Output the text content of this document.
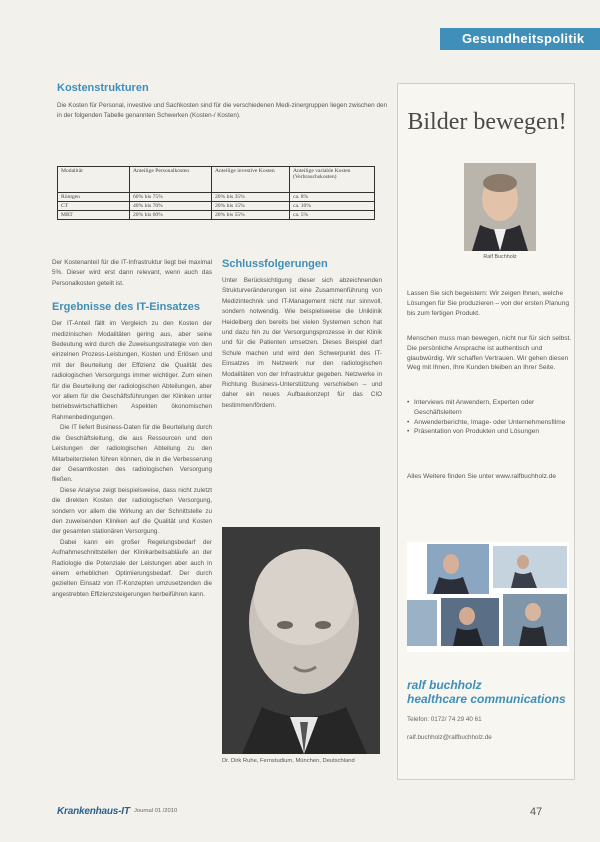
Gesundheitspolitik
Kostenstrukturen

Die Kosten für Personal, investive und Sachkosten sind für die verschiedenen Medi-zinergruppen liegen zwischen den in der folgenden Tabelle genannten Schwerken (Kosten-/ Kosten).

Modalität	Anteilige Personalkosten	Anteilige investive Kosten	Anteilige variable Kosten (Verbrauchskosten)
Röntgen	60% bis 75%	20% bis 35%	ca. 8%
CT	40% bis 70%	20% bis 15%	ca. 10%
MRT	20% bis 60%	20% bis 55%	ca. 5%

Der Kostenanteil für die IT-Infrastruktur liegt bei maximal 5%. Dieser wird erst dann relevant, wenn auch das Personalkosten geteilt ist.

Ergebnisse des IT-Einsatzes

Der IT-Anteil fällt im Vergleich zu den Kosten der medizinischen Modalitäten gering aus, aber seine Bedeutung wird durch die Zuweisungsstrategie von den einzelnen Prozess-Leistungen, Kosten und Erlösen und mit der Beurteilung der Effizienz die Qualität des radiologischen Versorgungs immer wichtiger. Zum einen für die Beurteilung der radiologischen Abteilungen, aber vor allem für die Geschäftsführungen der Kliniken unter betriebswirtschaftlichen Aspekten ökonomischen Rahmenbedingungen.

Die IT liefert Business-Daten für die Beurteilung durch die Geschäftsleitung, die aus Ressourcen und den Leistungen der radiologischen Abteilung zu den Mitarbeiterzielen führen können, die in die Verbesserung der Gesamtkosten des radiologischen Versorgung fließen.

Diese Analyse zeigt beispielsweise, dass nicht zuletzt die direkten Kosten der radiologischen Versorgung, sondern vor allem die Wirkung an der Schnittstelle zu den zuweisenden Kliniken auf die Qualität und Kosten der gesamten stationären Versorgung.

Dabei kann ein großer Regelungsbedarf der Aufnahmeschnittstellen der Klinikarbeitsabläufe an der Radiologie die Potenziale der Leistungen aber auch in einem erheblichen Optimierungsbedarf. Der durch gezielten Einsatz von IT-Konzepten umzusetzenden die angestrebten Effizienzsteigerungen herbeiführen kann.

Schlussfolgerungen

Unter Berücksichtigung dieser sich abzeichnenden Strukturveränderungen ist eine Zusammenführung von Medizintechnik und IT-Management nicht nur sinnvoll, sondern notwendig. Wie beispielsweise die Uniklinik Heidelberg den bereits bei vielen Systemen schon hat und dazu hin zu der Versorgungsprozesse in der Klinik und für die Patienten umsetzen. Dieses Beispiel darf Schule machen und wird den Schwerpunkt des IT-Einsatzes im Netzwerk nur den radiologischen Modalitäten von der Infrastruktur gegeben. Netzwerke in Richtung Business-Unterstützung verschieben – und daher ein neues Aufbaukonzept für das CIO bestimmen/fördern.

Dr. Dirk Ruhe, Fernstudium, München, Deutschland
Bilder bewegen!
Ralf Buchholz
Lassen Sie sich begeistern: Wir zeigen Ihnen, welche Lösungen für Sie produzieren – von der ersten Planung bis zum fertigen Produkt.
Menschen muss man bewegen, nicht nur für sich selbst. Die persönliche Ansprache ist authentisch und glaubwürdig. Wir schaffen Vertrauen. Wir gehen diesen Weg mit Ihnen, Ihre Kunden bleiben an Ihrer Seite.
• Interviews mit Anwendern, Experten oder Geschäftsleitern
• Anwenderberichte, Image- oder Unternehmensfilme
• Präsentation von Produkten und Lösungen
Alles Weitere finden Sie unter www.ralfbuchholz.de
ralf buchholz
healthcare communications
Telefon: 0172/ 74 29 40 61
ralf.buchholz@ralfbuchholz.de
Krankenhaus-IT Journal 01 /2010	47
